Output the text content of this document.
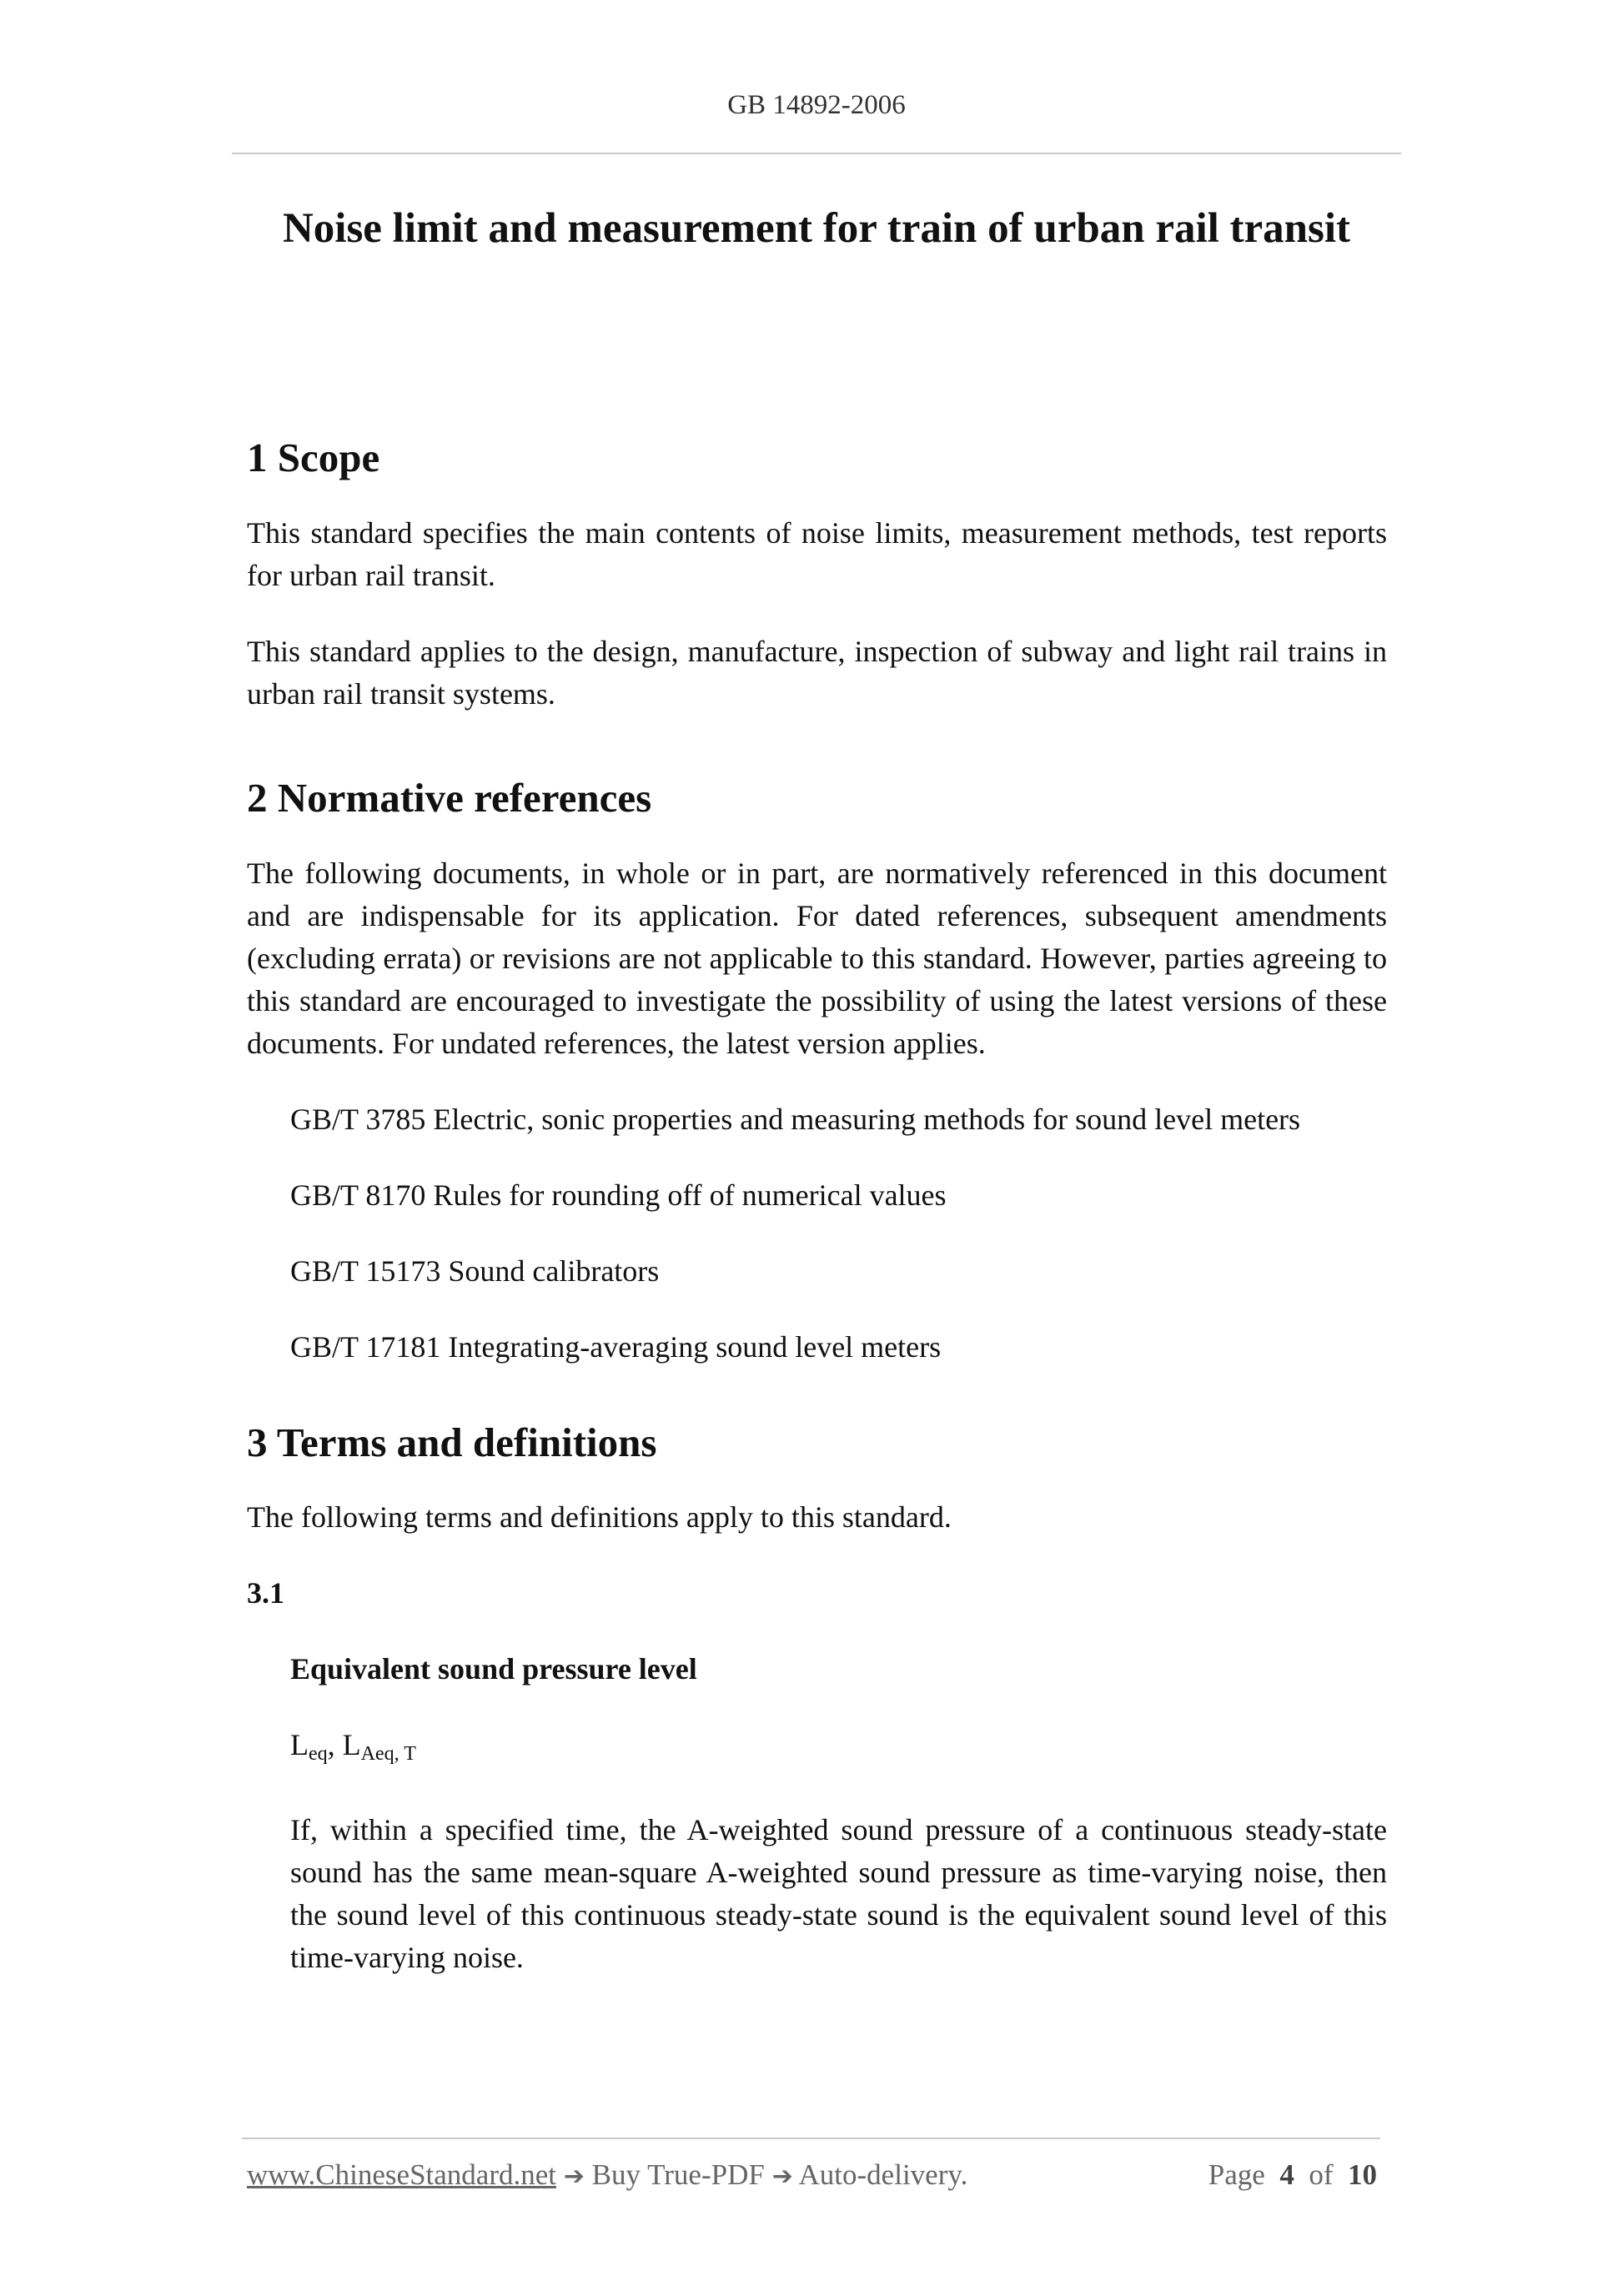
GB 14892-2006
Noise limit and measurement for train of urban rail transit
1 Scope

This standard specifies the main contents of noise limits, measurement methods, test reports for urban rail transit.

This standard applies to the design, manufacture, inspection of subway and light rail trains in urban rail transit systems.

2 Normative references

The following documents, in whole or in part, are normatively referenced in this document and are indispensable for its application. For dated references, subsequent amendments (excluding errata) or revisions are not applicable to this standard. However, parties agreeing to this standard are encouraged to investigate the possibility of using the latest versions of these documents. For undated references, the latest version applies.

GB/T 3785 Electric, sonic properties and measuring methods for sound level meters
GB/T 8170 Rules for rounding off of numerical values
GB/T 15173 Sound calibrators
GB/T 17181 Integrating-averaging sound level meters
3 Terms and definitions

The following terms and definitions apply to this standard.

3.1

Equivalent sound pressure level

$L_{eq}$, $L_{Aeq, T}$

If, within a specified time, the A-weighted sound pressure of a continuous steady-state sound has the same mean-square A-weighted sound pressure as time-varying noise, then the sound level of this continuous steady-state sound is the equivalent sound level of this time-varying noise.

www.ChineseStandard.net ➔ Buy True-PDF ➔ Auto-delivery.	Page 4 of 10
